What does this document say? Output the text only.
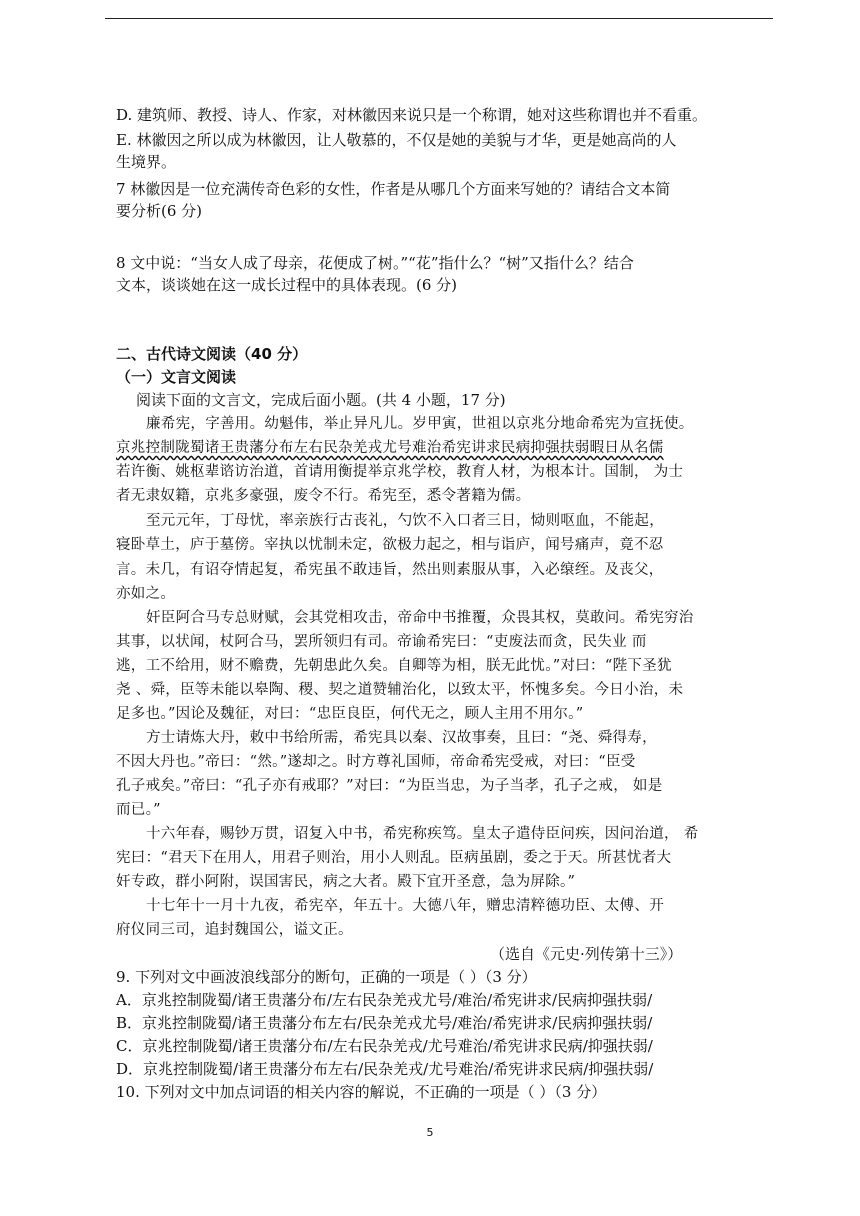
D. 建筑师、教授、诗人、作家，对林徽因来说只是一个称谓，她对这些称谓也并不看重。
E. 林徽因之所以成为林徽因，让人敬慕的，不仅是她的美貌与才华，更是她高尚的人
生境界。
7 林徽因是一位充满传奇色彩的女性，作者是从哪几个方面来写她的？请结合文本简
要分析(6 分)
8 文中说：“当女人成了母亲，花便成了树。”“花”指什么？“树”又指什么？结合
文本，谈谈她在这一成长过程中的具体表现。(6 分)
二、古代诗文阅读（40 分）
（一）文言文阅读
阅读下面的文言文，完成后面小题。(共 4 小题，17 分)
廉希宪，字善用。幼魁伟，举止异凡儿。岁甲寅，世祖以京兆分地命希宪为宣抚使。
京兆控制陇蜀诸王贵藩分布左右民杂羌戎尤号难治希宪讲求民病抑强扶弱暇日从名儒
若许衡、姚枢辈谘访治道，首请用衡提举京兆学校，教育人材，为根本计。国制， 为士
者无隶奴籍，京兆多豪强，废令不行。希宪至，悉令著籍为儒。
至元元年，丁母忧，率亲族行古丧礼，勺饮不入口者三日，恸则呕血，不能起，
寝卧草土，庐于墓傍。宰执以忧制未定，欲极力起之，相与诣庐，闻号痛声，竟不忍
言。未几，有诏夺情起复，希宪虽不敢违旨，然出则素服从事，入必缞绖。及丧父，
亦如之。
奸臣阿合马专总财赋，会其党相攻击，帝命中书推覆，众畏其权，莫敢问。希宪穷治
其事，以状闻，杖阿合马，罢所领归有司。帝谕希宪曰：“吏废法而贪，民失业 而
逃，工不给用，财不赡费，先朝患此久矣。自卿等为相，朕无此忧。”对曰：“陛下圣犹
尧 、舜，臣等未能以皋陶、稷、契之道赞辅治化，以致太平，怀愧多矣。今日小治，未
足多也。”因论及魏征，对曰：“忠臣良臣，何代无之，顾人主用不用尔。”
方士请炼大丹，敕中书给所需，希宪具以秦、汉故事奏，且曰：“尧、舜得寿，
不因大丹也。”帝曰：“然。”遂却之。时方尊礼国师，帝命希宪受戒，对曰：“臣受
孔子戒矣。”帝曰：“孔子亦有戒耶？”对曰：“为臣当忠，为子当孝，孔子之戒， 如是
而已。”
十六年春，赐钞万贯，诏复入中书，希宪称疾笃。皇太子遣侍臣问疾，因问治道， 希
宪曰：“君天下在用人，用君子则治，用小人则乱。臣病虽剧，委之于天。所甚忧者大
奸专政，群小阿附，误国害民，病之大者。殿下宜开圣意，急为屏除。”
十七年十一月十九夜，希宪卒，年五十。大德八年，赠忠清粹德功臣、太傅、开
府仪同三司，追封魏国公，谥文正。
（选自《元史·列传第十三》）
9. 下列对文中画波浪线部分的断句，正确的一项是（ ）（3 分）
A．京兆控制陇蜀/诸王贵藩分布/左右民杂羌戎尤号/难治/希宪讲求/民病抑强扶弱/
B．京兆控制陇蜀/诸王贵藩分布左右/民杂羌戎尤号/难治/希宪讲求/民病抑强扶弱/
C．京兆控制陇蜀/诸王贵藩分布/左右民杂羌戎/尤号难治/希宪讲求民病/抑强扶弱/
D．京兆控制陇蜀/诸王贵藩分布左右/民杂羌戎/尤号难治/希宪讲求民病/抑强扶弱/
10. 下列对文中加点词语的相关内容的解说，不正确的一项是（ ）（3 分）
5
